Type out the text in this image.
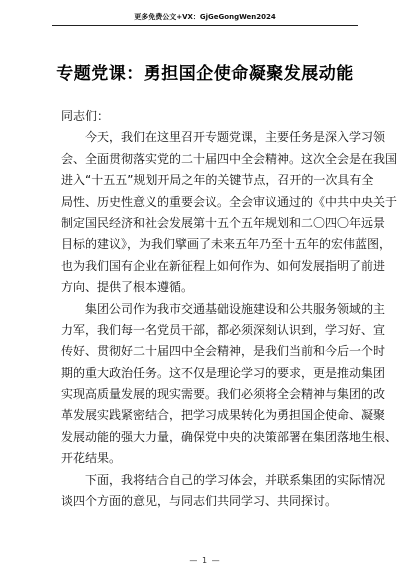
更多免费公文+VX：GjGeGongWen2024
专题党课：勇担国企使命凝聚发展动能
同志们：

今天，我们在这里召开专题党课，主要任务是深入学习领
会、全面贯彻落实党的二十届四中全会精神。这次全会是在我国
进入“十五五”规划开局之年的关键节点，召开的一次具有全
局性、历史性意义的重要会议。全会审议通过的《中共中央关于
制定国民经济和社会发展第十五个五年规划和二〇四〇年远景
目标的建议》，为我们擘画了未来五年乃至十五年的宏伟蓝图，
也为我们国有企业在新征程上如何作为、如何发展指明了前进
方向、提供了根本遵循。

集团公司作为我市交通基础设施建设和公共服务领域的主
力军，我们每一名党员干部，都必须深刻认识到，学习好、宣
传好、贯彻好二十届四中全会精神，是我们当前和今后一个时
期的重大政治任务。这不仅是理论学习的要求，更是推动集团
实现高质量发展的现实需要。我们必须将全会精神与集团的改
革发展实践紧密结合，把学习成果转化为勇担国企使命、凝聚
发展动能的强大力量，确保党中央的决策部署在集团落地生根、
开花结果。

下面，我将结合自己的学习体会，并联系集团的实际情况
谈四个方面的意见，与同志们共同学习、共同探讨。

— 1 —
